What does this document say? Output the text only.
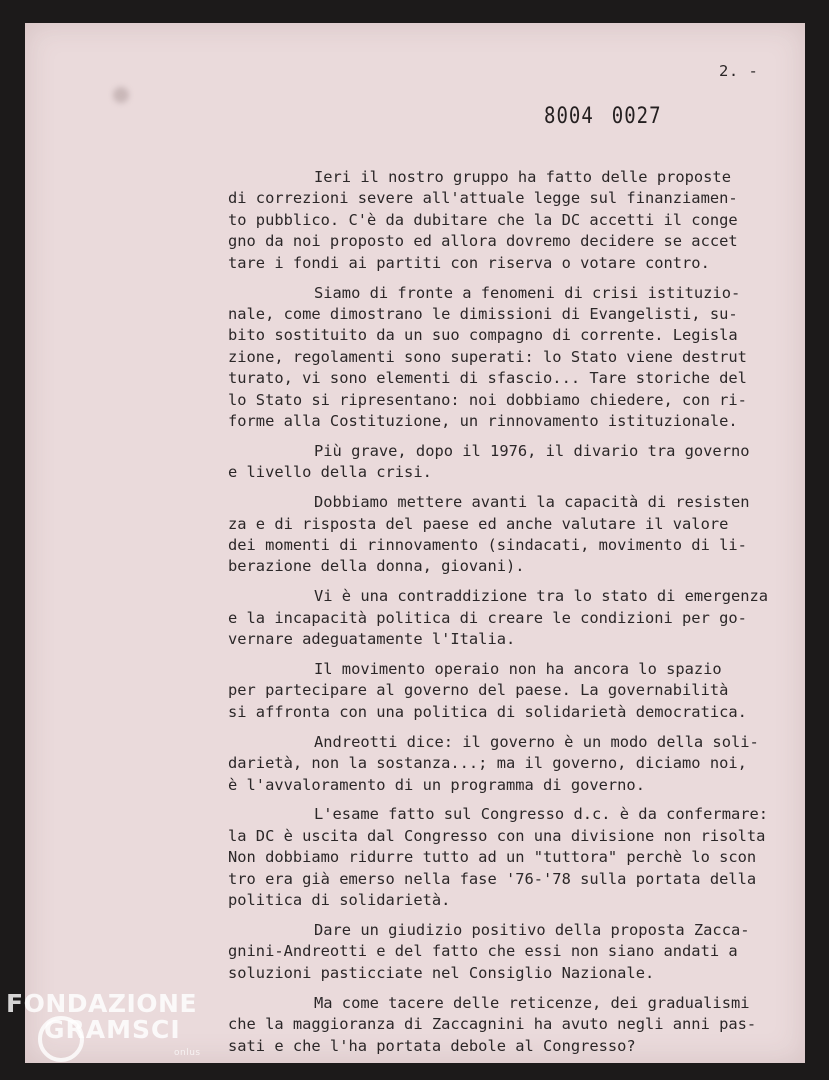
2. -
8004 0027
Ieri il nostro gruppo ha fatto delle proposte
di correzioni severe all'attuale legge sul finanziamen-
to pubblico. C'è da dubitare che la DC accetti il conge
gno da noi proposto ed allora dovremo decidere se accet
tare i fondi ai partiti con riserva o votare contro.
Siamo di fronte a fenomeni di crisi istituzio-
nale, come dimostrano le dimissioni di Evangelisti, su-
bito sostituito da un suo compagno di corrente. Legisla
zione, regolamenti sono superati: lo Stato viene destrut
turato, vi sono elementi di sfascio... Tare storiche del
lo Stato si ripresentano: noi dobbiamo chiedere, con ri-
forme alla Costituzione, un rinnovamento istituzionale.
Più grave, dopo il 1976, il divario tra governo
e livello della crisi.
Dobbiamo mettere avanti la capacità di resisten
za e di risposta del paese ed anche valutare il valore
dei momenti di rinnovamento (sindacati, movimento di li-
berazione della donna, giovani).
Vi è una contraddizione tra lo stato di emergenza
e la incapacità politica di creare le condizioni per go-
vernare adeguatamente l'Italia.
Il movimento operaio non ha ancora lo spazio
per partecipare al governo del paese. La governabilità
si affronta con una politica di solidarietà democratica.
Andreotti dice: il governo è un modo della soli-
darietà, non la sostanza...; ma il governo, diciamo noi,
è l'avvaloramento di un programma di governo.
L'esame fatto sul Congresso d.c. è da confermare:
la DC è uscita dal Congresso con una divisione non risolta
Non dobbiamo ridurre tutto ad un "tuttora" perchè lo scon
tro era già emerso nella fase '76-'78 sulla portata della
politica di solidarietà.
Dare un giudizio positivo della proposta Zacca-
gnini-Andreotti e del fatto che essi non siano andati a
soluzioni pasticciate nel Consiglio Nazionale.
Ma come tacere delle reticenze, dei gradualismi
che la maggioranza di Zaccagnini ha avuto negli anni pas-
sati e che l'ha portata debole al Congresso?
FONDAZIONE
GRAMSCI
onlus
